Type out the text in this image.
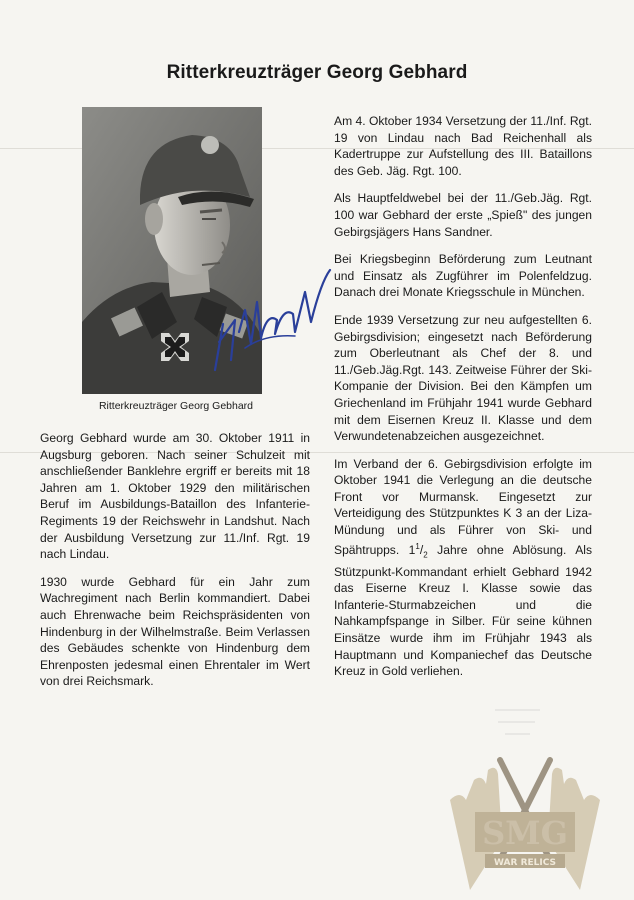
Ritterkreuzträger Georg Gebhard
Ritterkreuzträger Georg Gebhard

Georg Gebhard wurde am 30. Oktober 1911 in Augsburg geboren. Nach seiner Schulzeit mit anschließender Banklehre ergriff er bereits mit 18 Jahren am 1. Oktober 1929 den militärischen Beruf im Ausbildungs-Bataillon des Infanterie-Regiments 19 der Reichswehr in Landshut. Nach der Ausbildung Versetzung zur 11./Inf. Rgt. 19 nach Lindau.

1930 wurde Gebhard für ein Jahr zum Wachregiment nach Berlin kommandiert. Dabei auch Ehrenwache beim Reichspräsidenten von Hindenburg in der Wilhelmstraße. Beim Verlassen des Gebäudes schenkte von Hindenburg dem Ehrenposten jedesmal einen Ehrentaler im Wert von drei Reichsmark.

Am 4. Oktober 1934 Versetzung der 11./Inf. Rgt. 19 von Lindau nach Bad Reichenhall als Kadertruppe zur Aufstellung des III. Bataillons des Geb. Jäg. Rgt. 100.

Als Hauptfeldwebel bei der 11./Geb.Jäg. Rgt. 100 war Gebhard der erste „Spieß" des jungen Gebirgsjägers Hans Sandner.

Bei Kriegsbeginn Beförderung zum Leutnant und Einsatz als Zugführer im Polenfeldzug. Danach drei Monate Kriegsschule in München.

Ende 1939 Versetzung zur neu aufgestellten 6. Gebirgsdivision; eingesetzt nach Beförderung zum Oberleutnant als Chef der 8. und 11./Geb.Jäg.Rgt. 143. Zeitweise Führer der Ski-Kompanie der Division. Bei den Kämpfen um Griechenland im Frühjahr 1941 wurde Gebhard mit dem Eisernen Kreuz II. Klasse und dem Verwundetenabzeichen ausgezeichnet.

Im Verband der 6. Gebirgsdivision erfolgte im Oktober 1941 die Verlegung an die deutsche Front vor Murmansk. Eingesetzt zur Verteidigung des Stützpunktes K 3 an der Liza-Mündung und als Führer von Ski- und Spähtrupps. $1^1/_2$ Jahre ohne Ablösung. Als Stützpunkt-Kommandant erhielt Gebhard 1942 das Eiserne Kreuz I. Klasse sowie das Infanterie-Sturmabzeichen und die Nahkampfspange in Silber. Für seine kühnen Einsätze wurde ihm im Frühjahr 1943 als Hauptmann und Kompaniechef das Deutsche Kreuz in Gold verliehen.

SMG
WAR RELICS
